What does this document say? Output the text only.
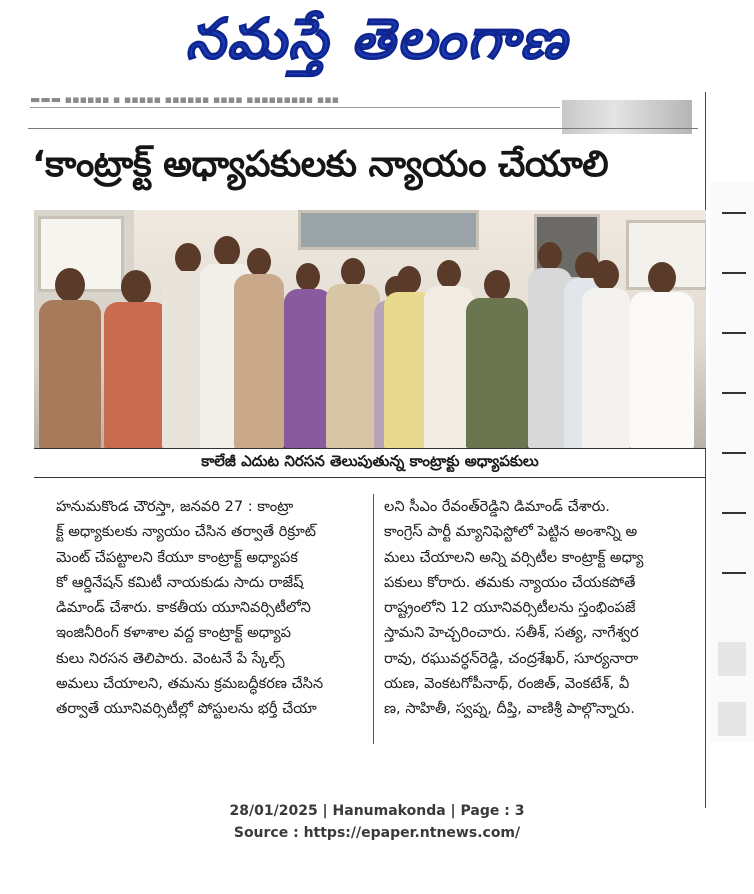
నమస్తే తెలంగాణ
▬▬▬ ▪▪▪▪▪▪ ▪ ▪▪▪▪▪ ▪▪▪▪▪▪ ▪▪▪▪ ▪▪▪▪▪▪▪▪▪ ▪▪▪
‘కాంట్రాక్ట్ అధ్యాపకులకు న్యాయం చేయాలి
కాలేజీ ఎదుట నిరసన తెలుపుతున్న కాంట్రాక్టు అధ్యాపకులు
హనుమకొండ చౌరస్తా, జనవరి 27 : కాంట్రా
క్ట్ అధ్యాకులకు న్యాయం చేసిన తర్వాతే రిక్రూట్
మెంట్ చేపట్టాలని కేయూ కాంట్రాక్ట్ అధ్యాపక
కో ఆర్డినేషన్ కమిటీ నాయకుడు సాదు రాజేష్
డిమాండ్ చేశారు. కాకతీయ యూనివర్సిటీలోని
ఇంజినీరింగ్ కళాశాల వద్ద కాంట్రాక్ట్ అధ్యాప
కులు నిరసన తెలిపారు. వెంటనే పే స్కేల్స్
అమలు చేయాలని, తమను క్రమబద్ధీకరణ చేసిన
తర్వాతే యూనివర్సిటీల్లో పోస్టులను భర్తీ చేయా
లని సీఎం రేవంత్‌రెడ్డిని డిమాండ్ చేశారు.
కాంగ్రెస్ పార్టీ మ్యానిఫెస్టోలో పెట్టిన అంశాన్ని అ
మలు చేయాలని అన్ని వర్సిటీల కాంట్రాక్ట్ అధ్యా
పకులు కోరారు. తమకు న్యాయం చేయకపోతే
రాష్ట్రంలోని 12 యూనివర్సిటీలను స్తంభింపజే
స్తామని హెచ్చరించారు. సతీశ్, సత్య, నాగేశ్వర
రావు, రఘువర్ధన్‌రెడ్డి, చంద్రశేఖర్, సూర్యనారా
యణ, వెంకటగోపీనాథ్, రంజిత్, వెంకటేశ్, వీ
ణ, సాహితీ, స్వప్న, దీప్తి, వాణిశ్రీ పాల్గొన్నారు.
28/01/2025 | Hanumakonda | Page : 3
Source : https://epaper.ntnews.com/
